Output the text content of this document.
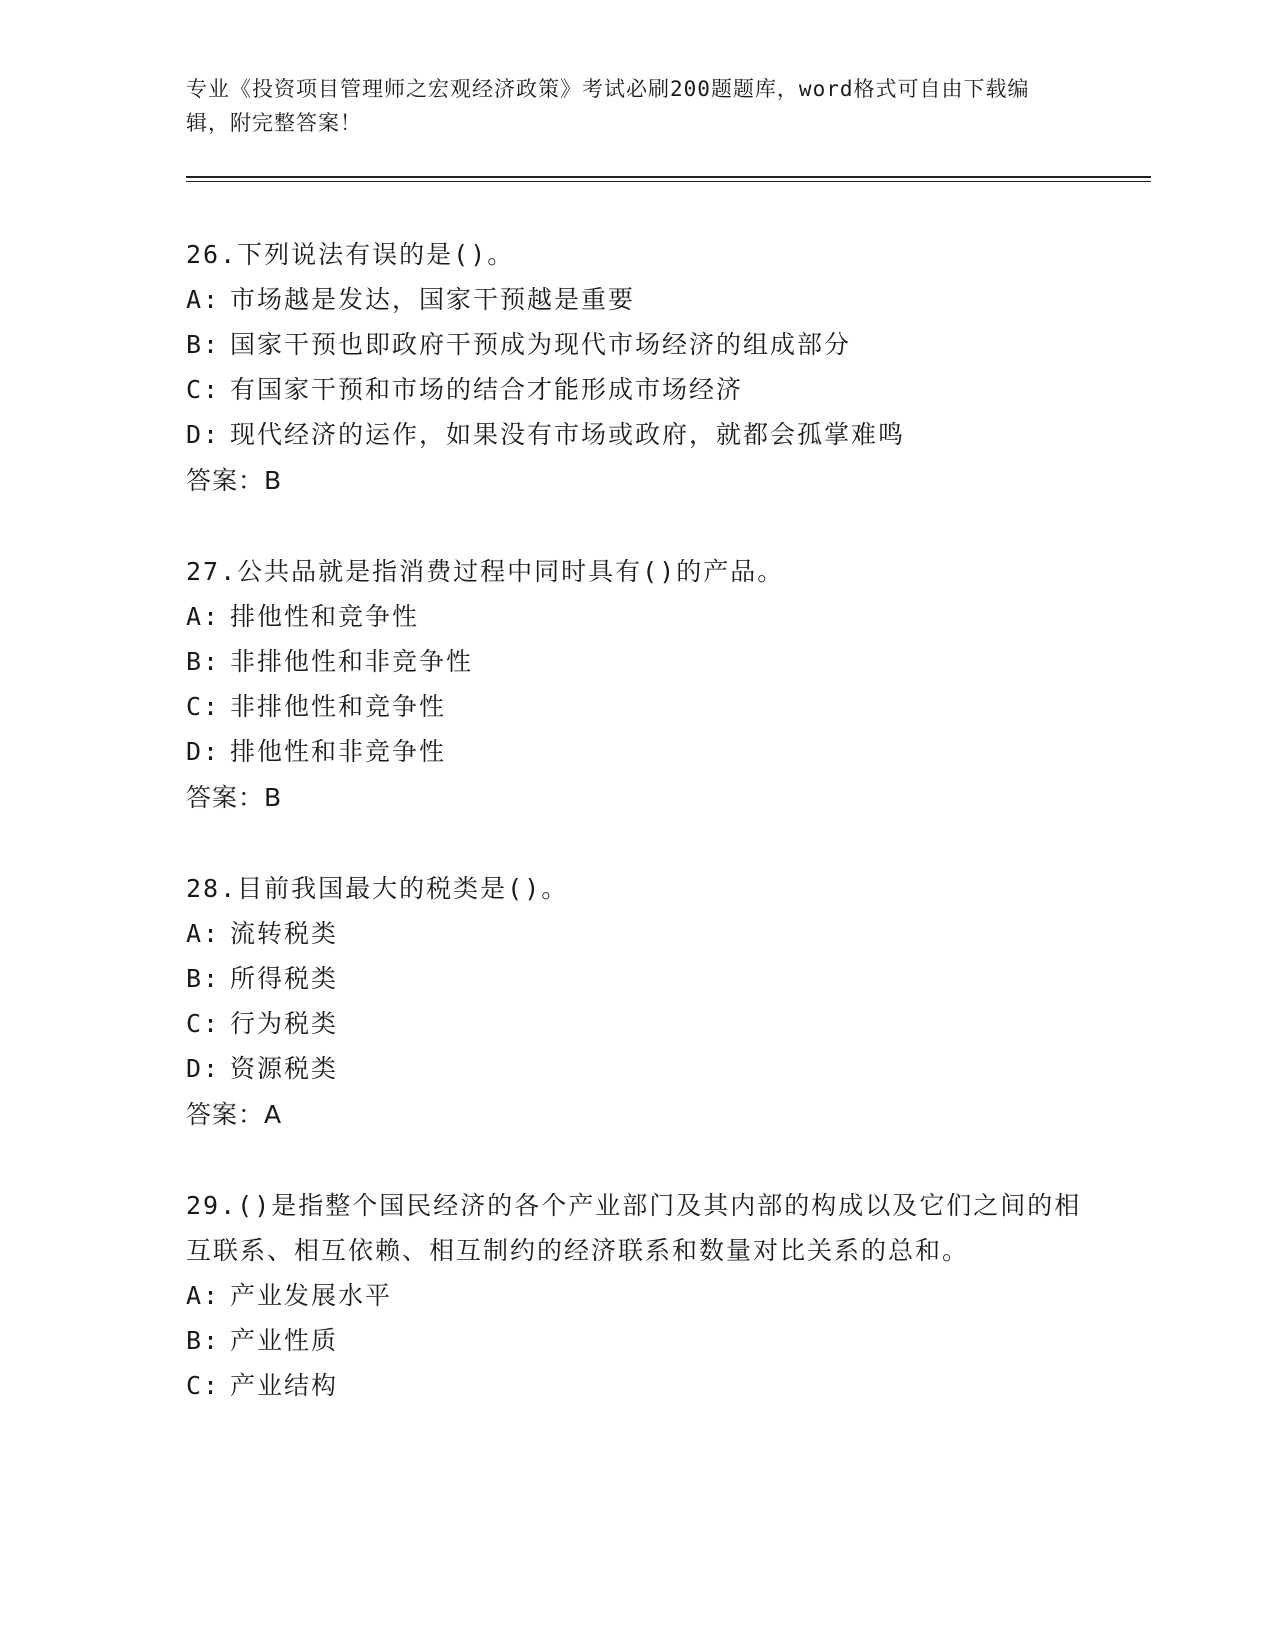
专业《投资项目管理师之宏观经济政策》考试必刷200题题库，word格式可自由下载编辑，附完整答案！
26.下列说法有误的是()。
A: 市场越是发达，国家干预越是重要
B: 国家干预也即政府干预成为现代市场经济的组成部分
C: 有国家干预和市场的结合才能形成市场经济
D: 现代经济的运作，如果没有市场或政府，就都会孤掌难鸣
答案：B
27.公共品就是指消费过程中同时具有()的产品。
A: 排他性和竞争性
B: 非排他性和非竞争性
C: 非排他性和竞争性
D: 排他性和非竞争性
答案：B
28.目前我国最大的税类是()。
A: 流转税类
B: 所得税类
C: 行为税类
D: 资源税类
答案：A
29.()是指整个国民经济的各个产业部门及其内部的构成以及它们之间的相互联系、相互依赖、相互制约的经济联系和数量对比关系的总和。
A: 产业发展水平
B: 产业性质
C: 产业结构
